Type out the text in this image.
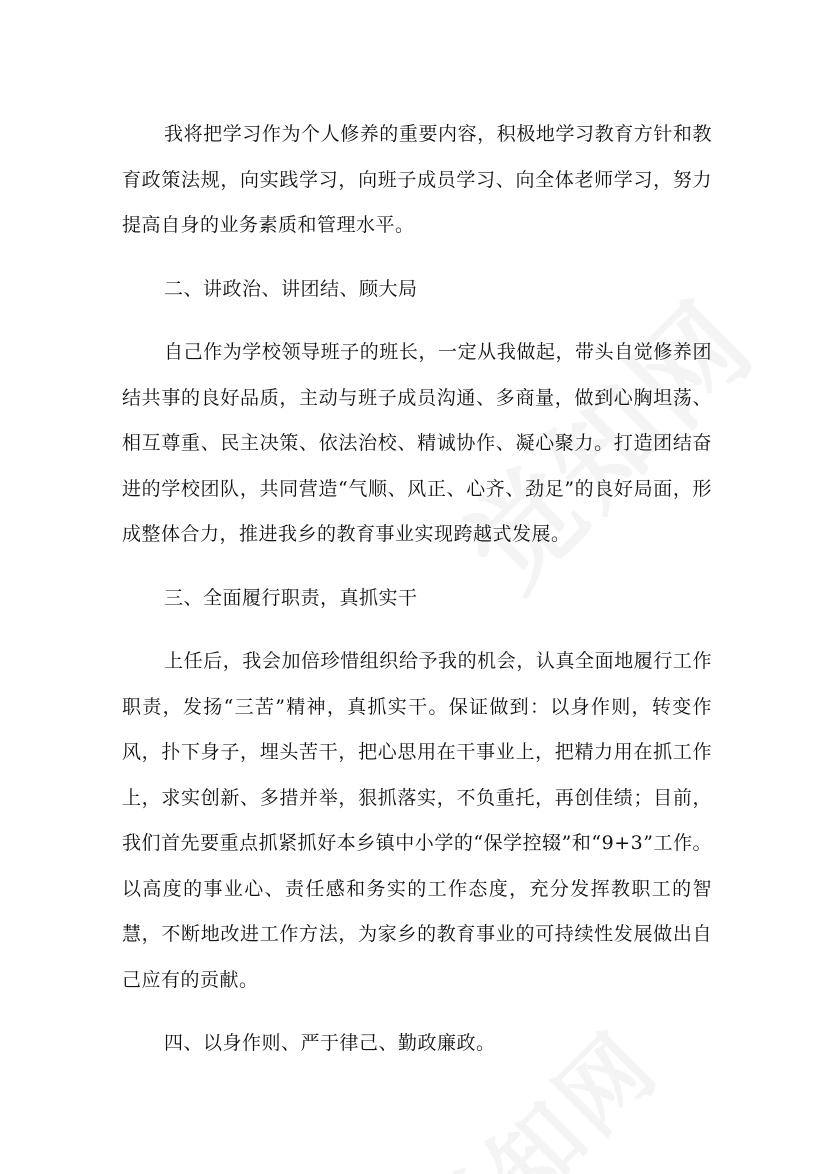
我将把学习作为个人修养的重要内容，积极地学习教育方针和教育政策法规，向实践学习，向班子成员学习、向全体老师学习，努力提高自身的业务素质和管理水平。

二、讲政治、讲团结、顾大局

自己作为学校领导班子的班长，一定从我做起，带头自觉修养团结共事的良好品质，主动与班子成员沟通、多商量，做到心胸坦荡、相互尊重、民主决策、依法治校、精诚协作、凝心聚力。打造团结奋进的学校团队，共同营造“气顺、风正、心齐、劲足”的良好局面，形成整体合力，推进我乡的教育事业实现跨越式发展。

三、全面履行职责，真抓实干

上任后，我会加倍珍惜组织给予我的机会，认真全面地履行工作职责，发扬“三苦”精神，真抓实干。保证做到：以身作则，转变作风，扑下身子，埋头苦干，把心思用在干事业上，把精力用在抓工作上，求实创新、多措并举，狠抓落实，不负重托，再创佳绩；目前，我们首先要重点抓紧抓好本乡镇中小学的“保学控辍”和“9+3”工作。以高度的事业心、责任感和务实的工作态度，充分发挥教职工的智慧，不断地改进工作方法，为家乡的教育事业的可持续性发展做出自己应有的贡献。

四、以身作则、严于律己、勤政廉政。
